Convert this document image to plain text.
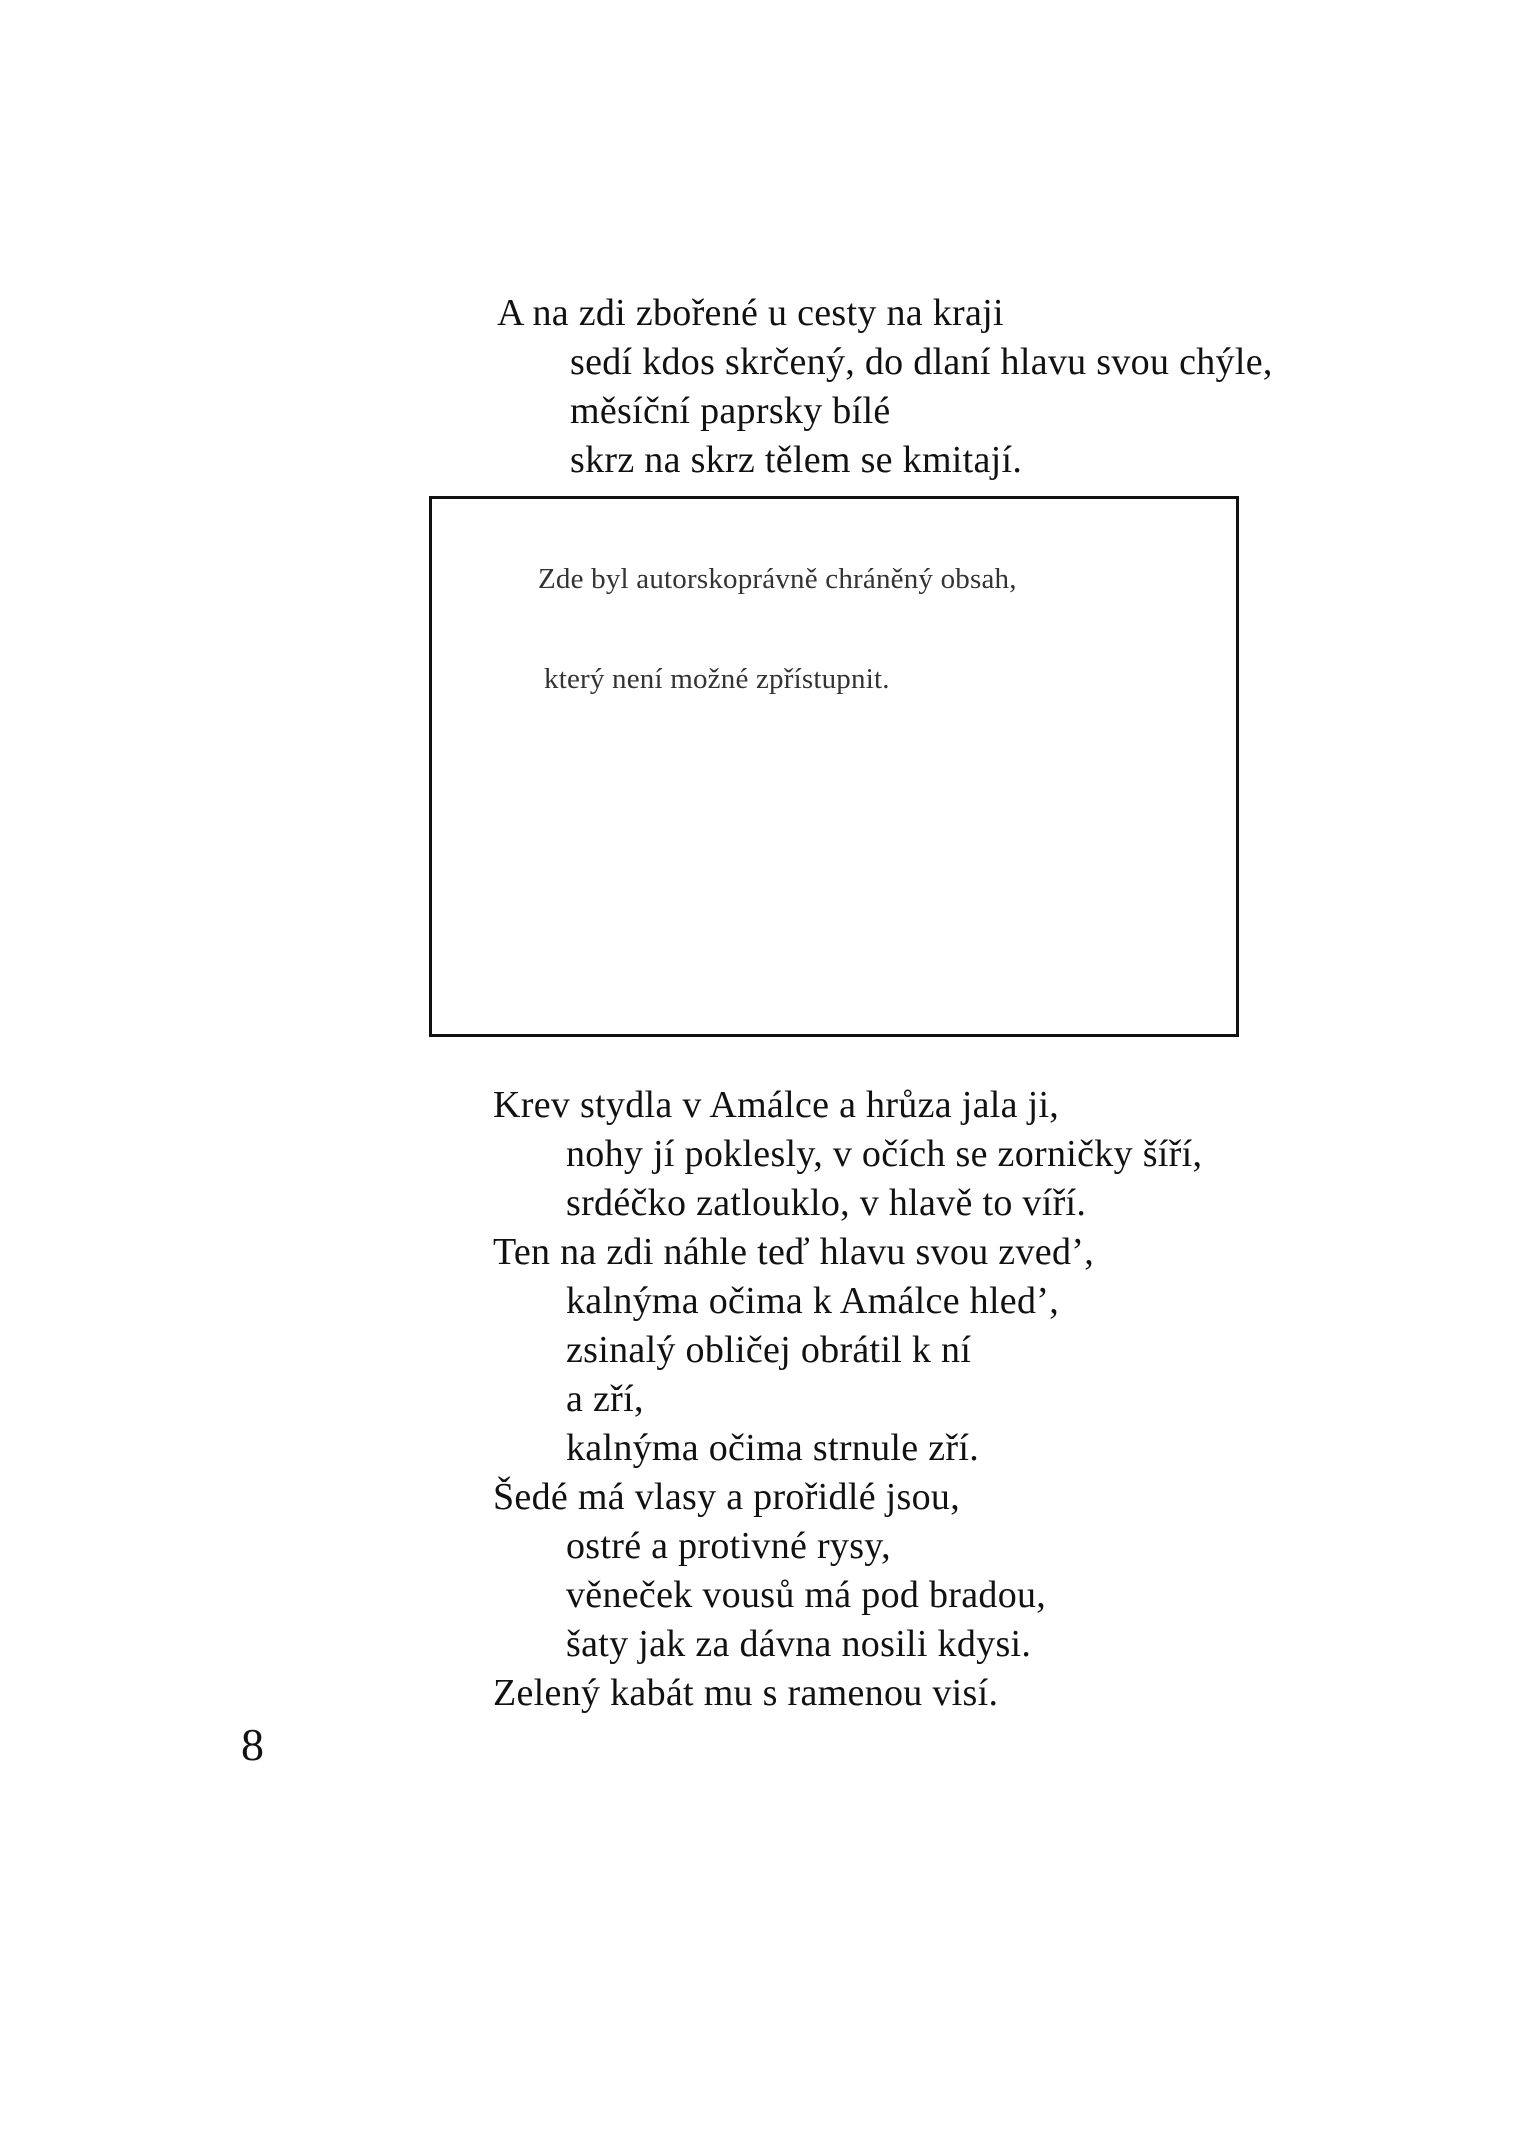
A na zdi zbořené u cesty na kraji
sedí kdos skrčený, do dlaní hlavu svou chýle,
měsíční paprsky bílé
skrz na skrz tělem se kmitají.
Zde byl autorskoprávně chráněný obsah,
který není možné zpřístupnit.
Krev stydla v Amálce a hrůza jala ji,
nohy jí poklesly, v očích se zorničky šíří,
srdéčko zatlouklo, v hlavě to víří.
Ten na zdi náhle teď hlavu svou zved’,
kalnýma očima k Amálce hled’,
zsinalý obličej obrátil k ní
a zří,
kalnýma očima strnule zří.
Šedé má vlasy a prořidlé jsou,
ostré a protivné rysy,
věneček vousů má pod bradou,
šaty jak za dávna nosili kdysi.
Zelený kabát mu s ramenou visí.
8
